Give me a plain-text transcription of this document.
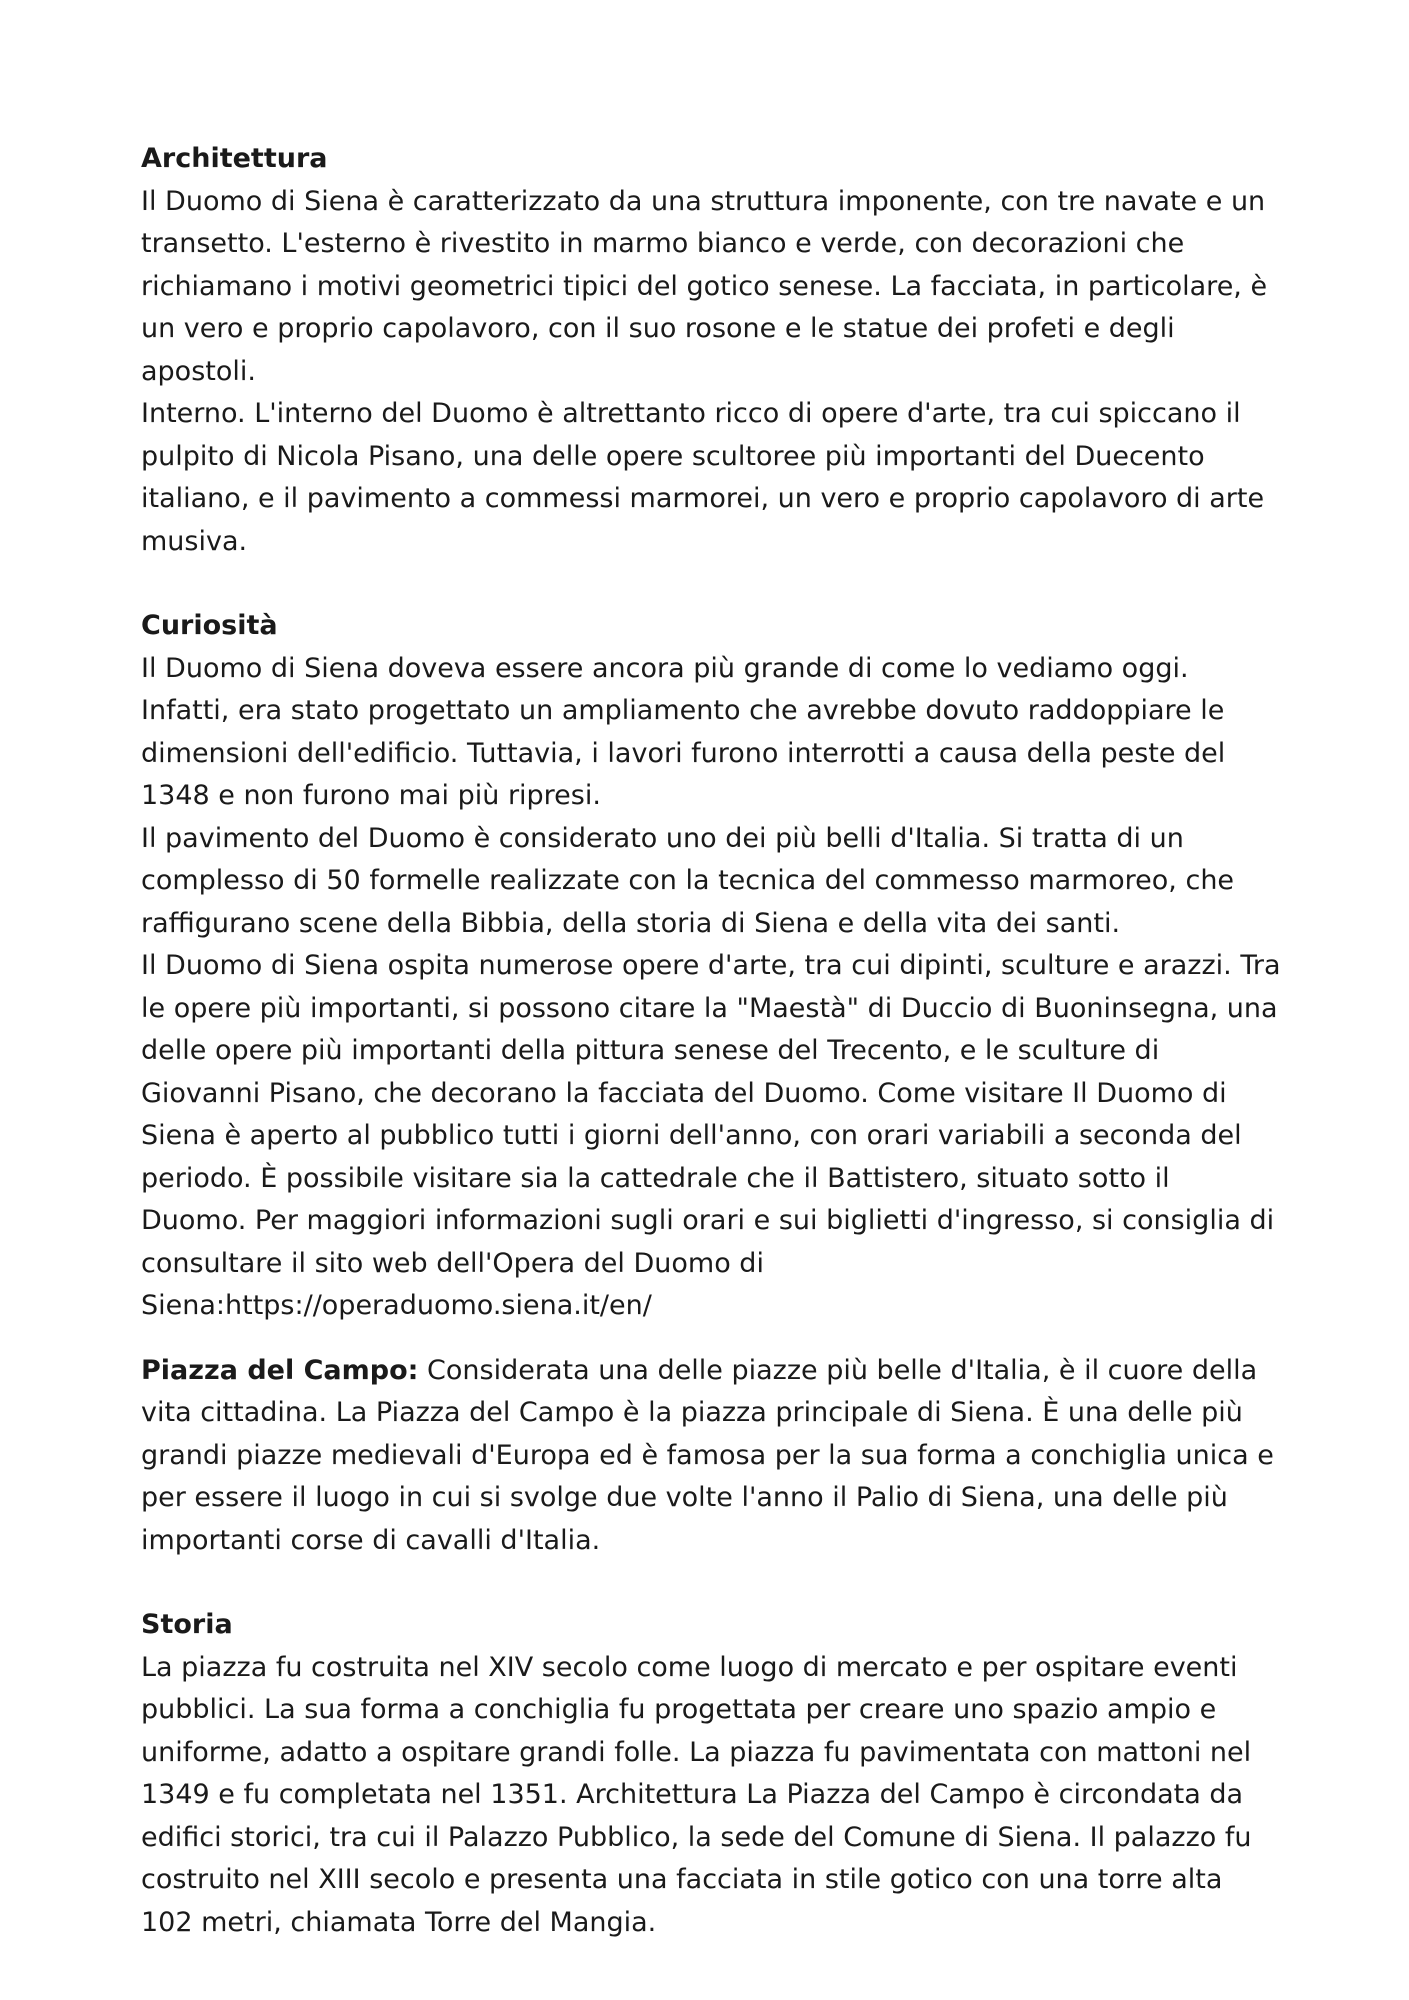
Architettura

Il Duomo di Siena è caratterizzato da una struttura imponente, con tre navate e un transetto. L'esterno è rivestito in marmo bianco e verde, con decorazioni che richiamano i motivi geometrici tipici del gotico senese. La facciata, in particolare, è un vero e proprio capolavoro, con il suo rosone e le statue dei profeti e degli apostoli.

Interno. L'interno del Duomo è altrettanto ricco di opere d'arte, tra cui spiccano il pulpito di Nicola Pisano, una delle opere scultoree più importanti del Duecento italiano, e il pavimento a commessi marmorei, un vero e proprio capolavoro di arte musiva.

Curiosità

Il Duomo di Siena doveva essere ancora più grande di come lo vediamo oggi. Infatti, era stato progettato un ampliamento che avrebbe dovuto raddoppiare le dimensioni dell'edificio. Tuttavia, i lavori furono interrotti a causa della peste del 1348 e non furono mai più ripresi.

Il pavimento del Duomo è considerato uno dei più belli d'Italia. Si tratta di un complesso di 50 formelle realizzate con la tecnica del commesso marmoreo, che raffigurano scene della Bibbia, della storia di Siena e della vita dei santi.

Il Duomo di Siena ospita numerose opere d'arte, tra cui dipinti, sculture e arazzi. Tra le opere più importanti, si possono citare la "Maestà" di Duccio di Buoninsegna, una delle opere più importanti della pittura senese del Trecento, e le sculture di Giovanni Pisano, che decorano la facciata del Duomo. Come visitare Il Duomo di Siena è aperto al pubblico tutti i giorni dell'anno, con orari variabili a seconda del periodo. È possibile visitare sia la cattedrale che il Battistero, situato sotto il Duomo. Per maggiori informazioni sugli orari e sui biglietti d'ingresso, si consiglia di consultare il sito web dell'Opera del Duomo di Siena:https://operaduomo.siena.it/en/

Piazza del Campo: Considerata una delle piazze più belle d'Italia, è il cuore della vita cittadina. La Piazza del Campo è la piazza principale di Siena. È una delle più grandi piazze medievali d'Europa ed è famosa per la sua forma a conchiglia unica e per essere il luogo in cui si svolge due volte l'anno il Palio di Siena, una delle più importanti corse di cavalli d'Italia.

Storia

La piazza fu costruita nel XIV secolo come luogo di mercato e per ospitare eventi pubblici. La sua forma a conchiglia fu progettata per creare uno spazio ampio e uniforme, adatto a ospitare grandi folle. La piazza fu pavimentata con mattoni nel 1349 e fu completata nel 1351. Architettura La Piazza del Campo è circondata da edifici storici, tra cui il Palazzo Pubblico, la sede del Comune di Siena. Il palazzo fu costruito nel XIII secolo e presenta una facciata in stile gotico con una torre alta 102 metri, chiamata Torre del Mangia.
